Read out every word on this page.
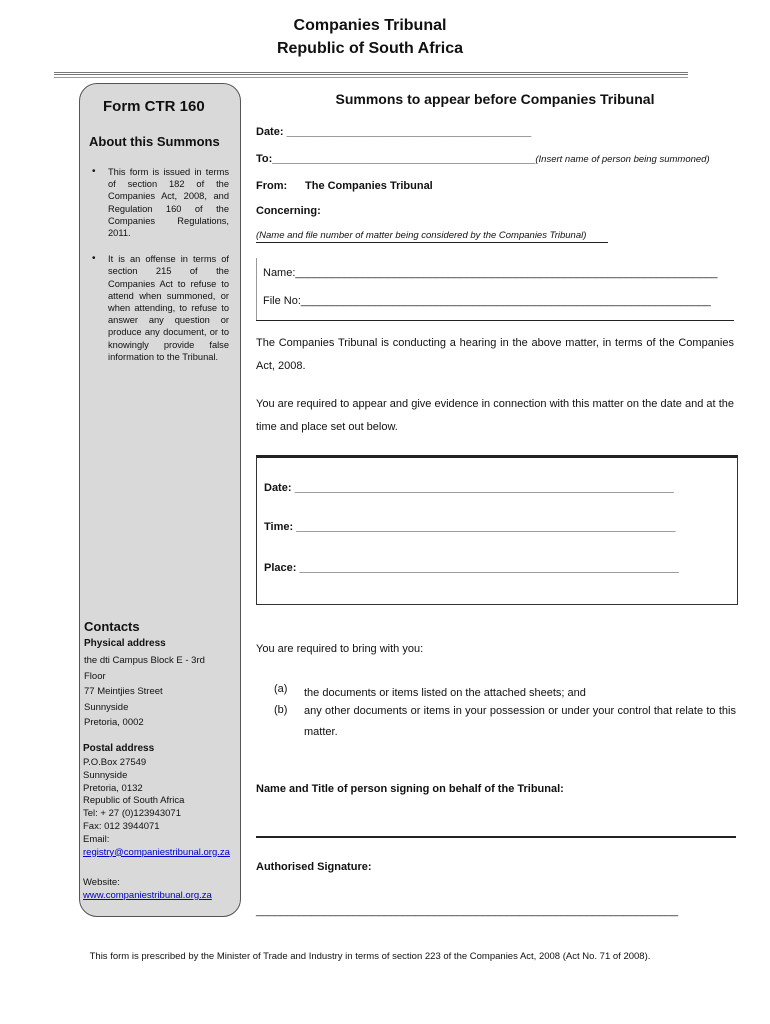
Companies Tribunal
Republic of South Africa
Form CTR 160
About this Summons
• This form is issued in terms of section 182 of the Companies Act, 2008, and Regulation 160 of the Companies Regulations, 2011.
• It is an offense in terms of section 215 of the Companies Act to refuse to attend when summoned, or when attending, to refuse to answer any question or produce any document, or to knowingly provide false information to the Tribunal.
Contacts
Physical address
the dti Campus Block E - 3rd
Floor
77 Meintjies Street
Sunnyside
Pretoria, 0002
Postal address
P.O.Box 27549
Sunnyside
Pretoria, 0132
Republic of South Africa
Tel: + 27 (0)123943071
Fax: 012 3944071
Email:
registry@companiestribunal.org.za
Website:
www.companiestribunal.org.za
Summons to appear before Companies Tribunal
Date: ________________________________________
To:___________________________________________(Insert name of person being summoned)
From: The Companies Tribunal
Concerning:
(Name and file number of matter being considered by the Companies Tribunal)
Name:_____________________________________________________________________
File No:___________________________________________________________________
The Companies Tribunal is conducting a hearing in the above matter, in terms of the Companies Act, 2008.
You are required to appear and give evidence in connection with this matter on the date and at the time and place set out below.
Date: ______________________________________________________________
Time: ______________________________________________________________
Place: ______________________________________________________________
You are required to bring with you:
(a) the documents or items listed on the attached sheets; and
(b) any other documents or items in your possession or under your control that relate to this matter.
Name and Title of person signing on behalf of the Tribunal:
Authorised Signature:
_____________________________________________________________________
This form is prescribed by the Minister of Trade and Industry in terms of section 223 of the Companies Act, 2008 (Act No. 71 of 2008).
